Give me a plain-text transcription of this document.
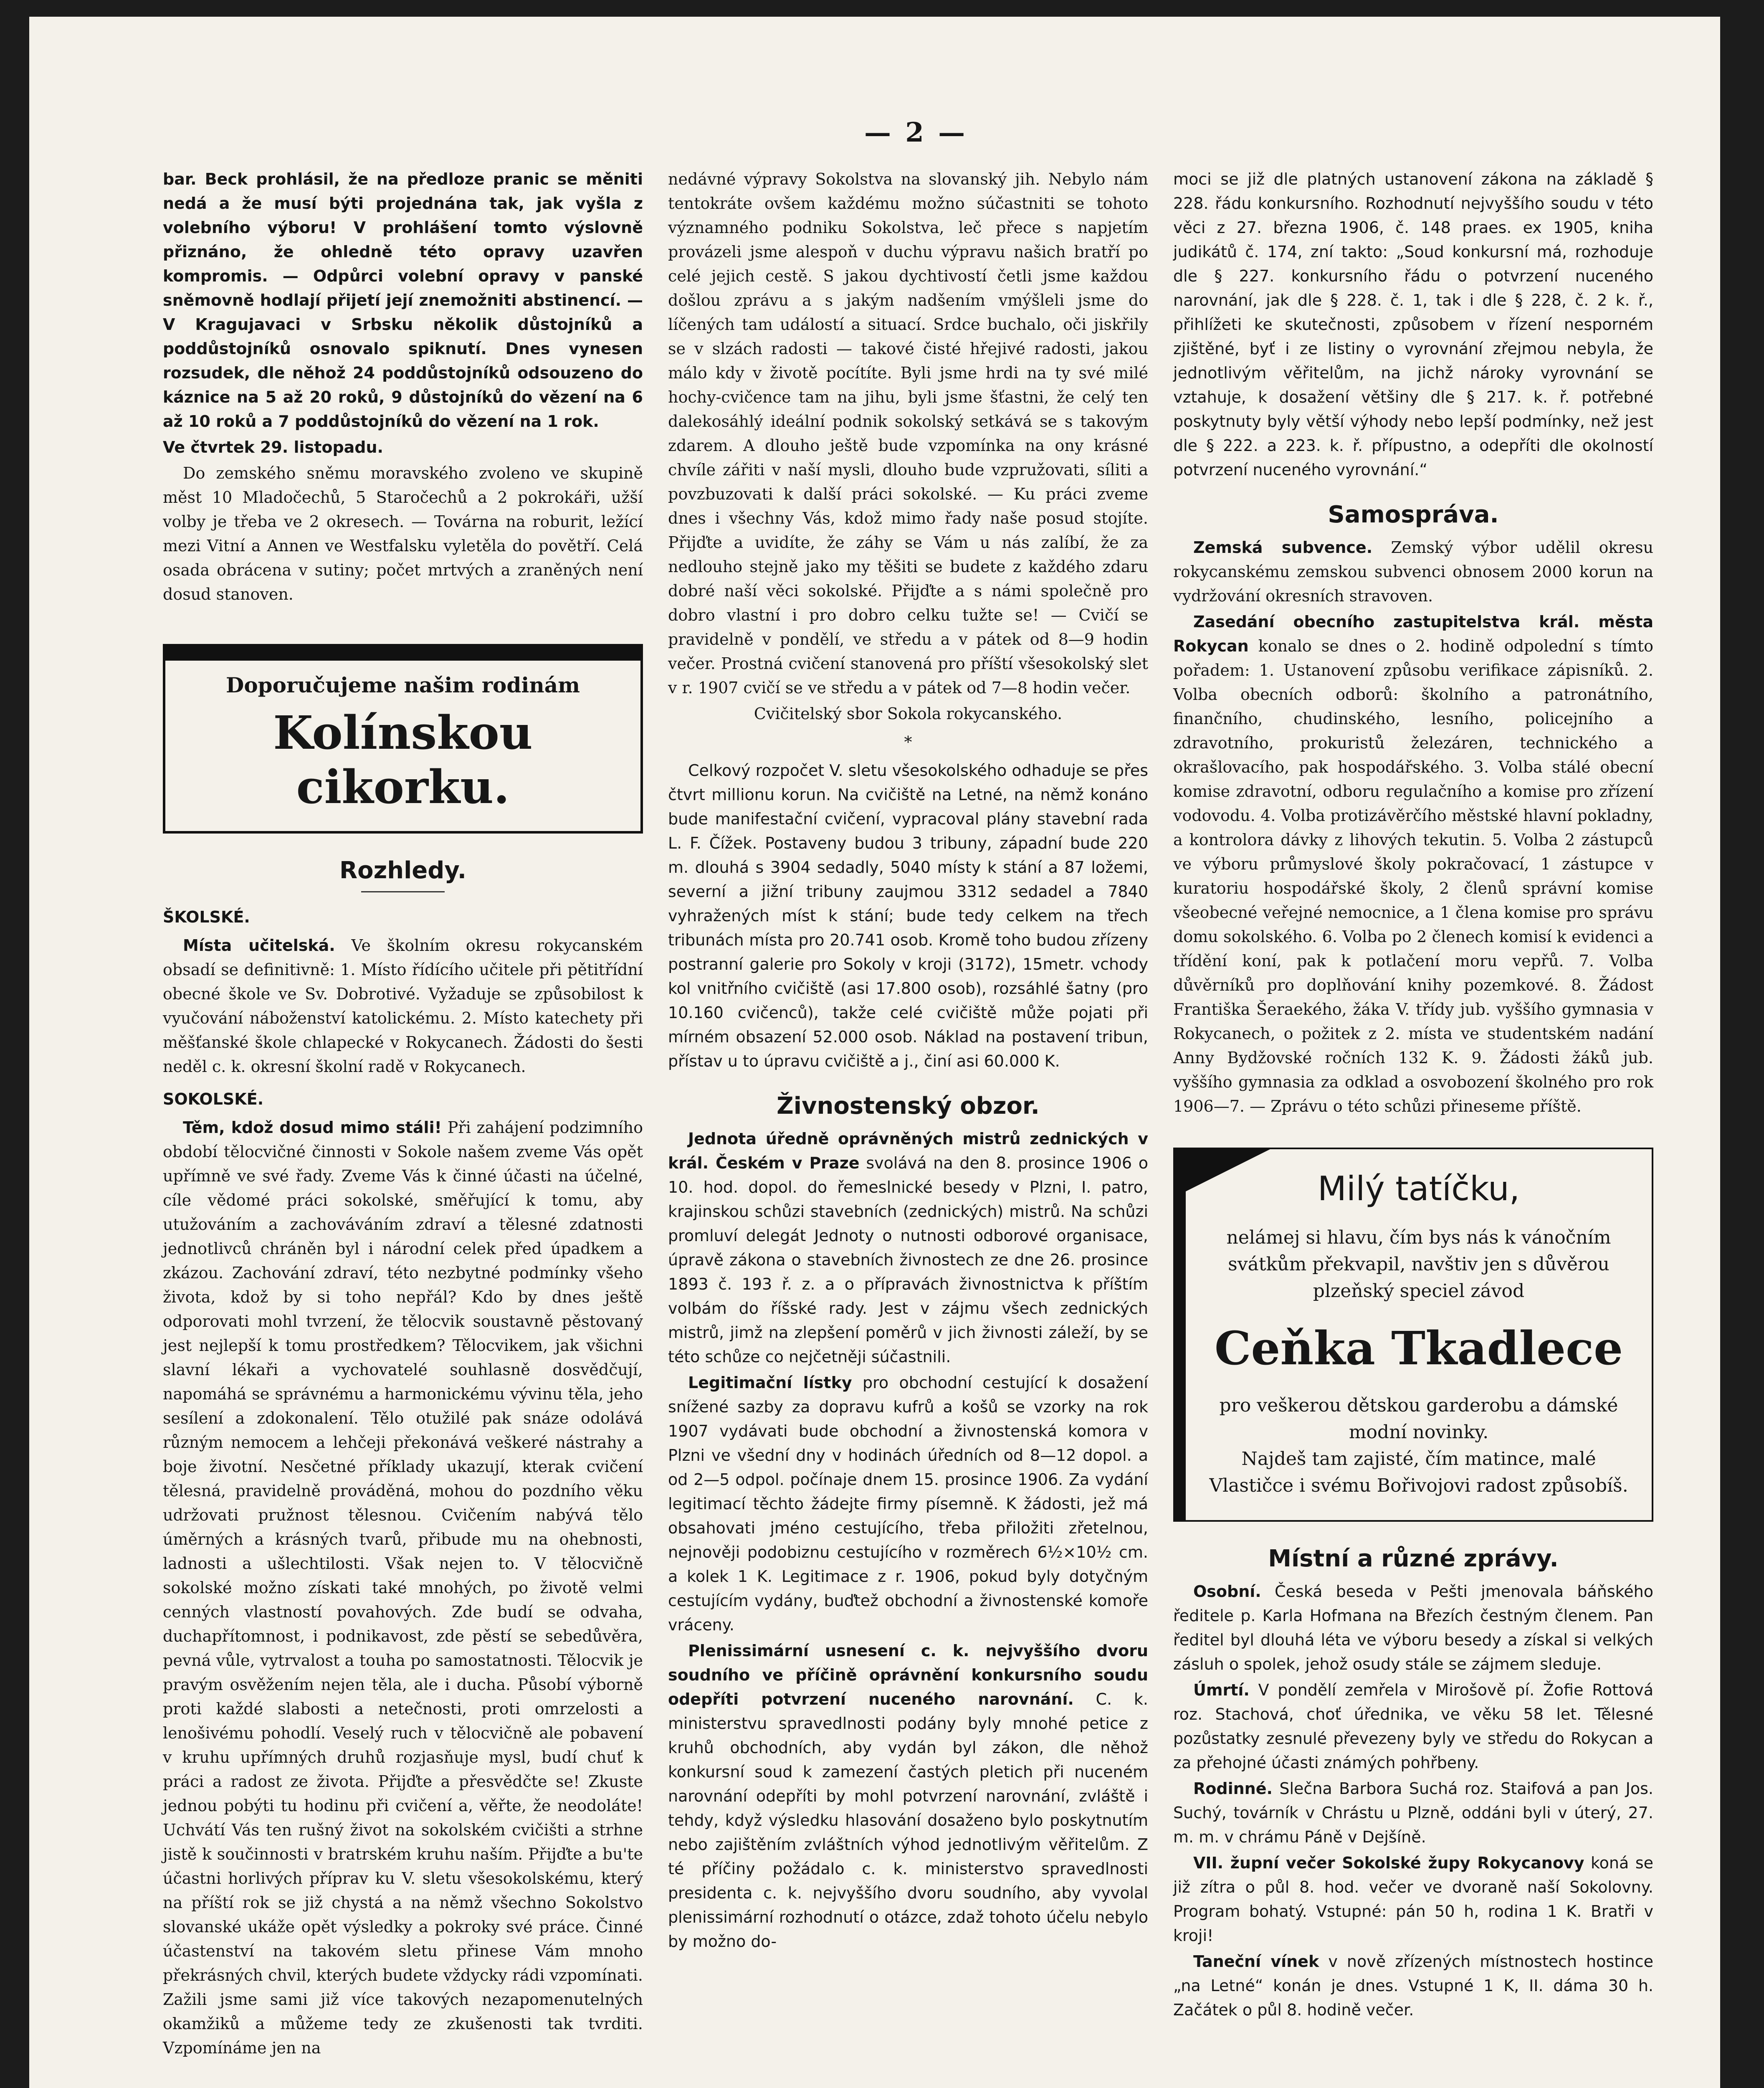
— 2 —

bar. Beck prohlásil, že na předloze pranic se měniti nedá a že musí býti projednána tak, jak vyšla z volebního výboru! V prohlášení tomto výslovně přiznáno, že ohledně této opravy uzavřen kompromis. — Odpůrci volební opravy v panské sněmovně hodlají přijetí její znemožniti abstinencí. — V Kragujavaci v Srbsku několik důstojníků a poddůstojníků osnovalo spiknutí. Dnes vynesen rozsudek, dle něhož 24 poddůstojníků odsouzeno do káznice na 5 až 20 roků, 9 důstojníků do vězení na 6 až 10 roků a 7 poddůstojníků do vězení na 1 rok.

Ve čtvrtek 29. listopadu.

Do zemského sněmu moravského zvoleno ve skupině měst 10 Mladočechů, 5 Staročechů a 2 pokrokáři, užší volby je třeba ve 2 okresech. — Továrna na roburit, ležící mezi Vitní a Annen ve Westfalsku vyletěla do povětří. Celá osada obrácena v sutiny; počet mrtvých a zraněných není dosud stanoven.

Doporučujeme našim rodinám
Kolínskou cikorku.
Rozhledy.
ŠKOLSKÉ.

Místa učitelská. Ve školním okresu rokycanském obsadí se definitivně: 1. Místo řídícího učitele při pětitřídní obecné škole ve Sv. Dobrotivé. Vyžaduje se způsobilost k vyučování náboženství katolickému. 2. Místo katechety při měšťanské škole chlapecké v Rokycanech. Žádosti do šesti neděl c. k. okresní školní radě v Rokycanech.

SOKOLSKÉ.

Těm, kdož dosud mimo stáli! Při zahájení podzimního období tělocvičné činnosti v Sokole našem zveme Vás opět upřímně ve své řady. Zveme Vás k činné účasti na účelné, cíle vědomé práci sokolské, směřující k tomu, aby utužováním a zachováváním zdraví a tělesné zdatnosti jednotlivců chráněn byl i národní celek před úpadkem a zkázou. Zachování zdraví, této nezbytné podmínky všeho života, kdož by si toho nepřál? Kdo by dnes ještě odporovati mohl tvrzení, že tělocvik soustavně pěstovaný jest nejlepší k tomu prostředkem? Tělocvikem, jak všichni slavní lékaři a vychovatelé souhlasně dosvědčují, napomáhá se správnému a harmonickému vývinu těla, jeho sesílení a zdokonalení. Tělo otužilé pak snáze odolává různým nemocem a lehčeji překonává veškeré nástrahy a boje životní. Nesčetné příklady ukazují, kterak cvičení tělesná, pravidelně prováděná, mohou do pozdního věku udržovati pružnost tělesnou. Cvičením nabývá tělo úměrných a krásných tvarů, přibude mu na ohebnosti, ladnosti a ušlechtilosti. Však nejen to. V tělocvičně sokolské možno získati také mnohých, po životě velmi cenných vlastností povahových. Zde budí se odvaha, duchapřítomnost, i podnikavost, zde pěstí se sebedůvěra, pevná vůle, vytrvalost a touha po samostatnosti. Tělocvik je pravým osvěžením nejen těla, ale i ducha. Působí výborně proti každé slabosti a netečnosti, proti omrzelosti a lenošivému pohodlí. Veselý ruch v tělocvičně ale pobavení v kruhu upřímných druhů rozjasňuje mysl, budí chuť k práci a radost ze života. Přijďte a přesvědčte se! Zkuste jednou pobýti tu hodinu při cvičení a, věřte, že neodoláte! Uchvátí Vás ten rušný život na sokolském cvičišti a strhne jistě k součinnosti v bratrském kruhu naším. Přijďte a bu'te účastni horlivých příprav ku V. sletu všesokolskému, který na příští rok se již chystá a na němž všechno Sokolstvo slovanské ukáže opět výsledky a pokroky své práce. Činné účastenství na takovém sletu přinese Vám mnoho překrásných chvil, kterých budete vždycky rádi vzpomínati. Zažili jsme sami již více takových nezapomenutelných okamžiků a můžeme tedy ze zkušenosti tak tvrditi. Vzpomínáme jen na

nedávné výpravy Sokolstva na slovanský jih. Nebylo nám tentokráte ovšem každému možno súčastniti se tohoto významného podniku Sokolstva, leč přece s napjetím provázeli jsme alespoň v duchu výpravu našich bratří po celé jejich cestě. S jakou dychtivostí četli jsme každou došlou zprávu a s jakým nadšením vmýšleli jsme do líčených tam událostí a situací. Srdce buchalo, oči jiskřily se v slzách radosti — takové čisté hřejivé radosti, jakou málo kdy v životě pocítíte. Byli jsme hrdi na ty své milé hochy-cvičence tam na jihu, byli jsme šťastni, že celý ten dalekosáhlý ideální podnik sokolský setkává se s takovým zdarem. A dlouho ještě bude vzpomínka na ony krásné chvíle zářiti v naší mysli, dlouho bude vzpružovati, síliti a povzbuzovati k další práci sokolské. — Ku práci zveme dnes i všechny Vás, kdož mimo řady naše posud stojíte. Přijďte a uvidíte, že záhy se Vám u nás zalíbí, že za nedlouho stejně jako my těšiti se budete z každého zdaru dobré naší věci sokolské. Přijďte a s námi společně pro dobro vlastní i pro dobro celku tužte se! — Cvičí se pravidelně v pondělí, ve středu a v pátek od 8—9 hodin večer. Prostná cvičení stanovená pro příští všesokolský slet v r. 1907 cvičí se ve středu a v pátek od 7—8 hodin večer.

Cvičitelský sbor Sokola rokycanského.
*

Celkový rozpočet V. sletu všesokolského odhaduje se přes čtvrt millionu korun. Na cvičiště na Letné, na němž konáno bude manifestační cvičení, vypracoval plány stavební rada L. F. Čížek. Postaveny budou 3 tribuny, západní bude 220 m. dlouhá s 3904 sedadly, 5040 místy k stání a 87 ložemi, severní a jižní tribuny zaujmou 3312 sedadel a 7840 vyhražených míst k stání; bude tedy celkem na třech tribunách místa pro 20.741 osob. Kromě toho budou zřízeny postranní galerie pro Sokoly v kroji (3172), 15metr. vchody kol vnitřního cvičiště (asi 17.800 osob), rozsáhlé šatny (pro 10.160 cvičenců), takže celé cvičiště může pojati při mírném obsazení 52.000 osob. Náklad na postavení tribun, přístav u to úpravu cvičiště a j., činí asi 60.000 K.

Živnostenský obzor.

Jednota úředně oprávněných mistrů zednických v král. Českém v Praze svolává na den 8. prosince 1906 o 10. hod. dopol. do řemeslnické besedy v Plzni, I. patro, krajinskou schůzi stavebních (zednických) mistrů. Na schůzi promluví delegát Jednoty o nutnosti odborové organisace, úpravě zákona o stavebních živnostech ze dne 26. prosince 1893 č. 193 ř. z. a o přípravách živnostnictva k příštím volbám do říšské rady. Jest v zájmu všech zednických mistrů, jimž na zlepšení poměrů v jich živnosti záleží, by se této schůze co nejčetněji súčastnili.

Legitimační lístky pro obchodní cestující k dosažení snížené sazby za dopravu kufrů a košů se vzorky na rok 1907 vydávati bude obchodní a živnostenská komora v Plzni ve všední dny v hodinách úředních od 8—12 dopol. a od 2—5 odpol. počínaje dnem 15. prosince 1906. Za vydání legitimací těchto žádejte firmy písemně. K žádosti, jež má obsahovati jméno cestujícího, třeba přiložiti zřetelnou, nejnověji podobiznu cestujícího v rozměrech 6½×10½ cm. a kolek 1 K. Legitimace z r. 1906, pokud byly dotyčným cestujícím vydány, buďtež obchodní a živnostenské komoře vráceny.

Plenissimární usnesení c. k. nejvyššího dvoru soudního ve příčině oprávnění konkursního soudu odepříti potvrzení nuceného narovnání. C. k. ministerstvu spravedlnosti podány byly mnohé petice z kruhů obchodních, aby vydán byl zákon, dle něhož konkursní soud k zamezení častých pletich při nuceném narovnání odepříti by mohl potvrzení narovnání, zvláště i tehdy, když výsledku hlasování dosaženo bylo poskytnutím nebo zajištěním zvláštních výhod jednotlivým věřitelům. Z té příčiny požádalo c. k. ministerstvo spravedlnosti presidenta c. k. nejvyššího dvoru soudního, aby vyvolal plenissimární rozhodnutí o otázce, zdaž tohoto účelu nebylo by možno do-

moci se již dle platných ustanovení zákona na základě § 228. řádu konkursního. Rozhodnutí nejvyššího soudu v této věci z 27. března 1906, č. 148 praes. ex 1905, kniha judikátů č. 174, zní takto: „Soud konkursní má, rozhoduje dle § 227. konkursního řádu o potvrzení nuceného narovnání, jak dle § 228. č. 1, tak i dle § 228, č. 2 k. ř., přihlížeti ke skutečnosti, způsobem v řízení nesporném zjištěné, byť i ze listiny o vyrovnání zřejmou nebyla, že jednotlivým věřitelům, na jichž nároky vyrovnání se vztahuje, k dosažení většiny dle § 217. k. ř. potřebné poskytnuty byly větší výhody nebo lepší podmínky, než jest dle § 222. a 223. k. ř. přípustno, a odepříti dle okolností potvrzení nuceného vyrovnání.“

Samospráva.

Zemská subvence. Zemský výbor udělil okresu rokycanskému zemskou subvenci obnosem 2000 korun na vydržování okresních stravoven.

Zasedání obecního zastupitelstva král. města Rokycan konalo se dnes o 2. hodině odpolední s tímto pořadem: 1. Ustanovení způsobu verifikace zápisníků. 2. Volba obecních odborů: školního a patronátního, finančního, chudinského, lesního, policejního a zdravotního, prokuristů železáren, technického a okrašlovacího, pak hospodářského. 3. Volba stálé obecní komise zdravotní, odboru regulačního a komise pro zřízení vodovodu. 4. Volba protizávěrčího městské hlavní pokladny, a kontrolora dávky z lihových tekutin. 5. Volba 2 zástupců ve výboru průmyslové školy pokračovací, 1 zástupce v kuratoriu hospodářské školy, 2 členů správní komise všeobecné veřejné nemocnice, a 1 člena komise pro správu domu sokolského. 6. Volba po 2 členech komisí k evidenci a třídění koní, pak k potlačení moru vepřů. 7. Volba důvěrníků pro doplňování knihy pozemkové. 8. Žádost Františka Šeraekého, žáka V. třídy jub. vyššího gymnasia v Rokycanech, o požitek z 2. místa ve studentském nadání Anny Bydžovské ročních 132 K. 9. Žádosti žáků jub. vyššího gymnasia za odklad a osvobození školného pro rok 1906—7. — Zprávu o této schůzi přineseme příště.

Milý tatíčku,
nelámej si hlavu, čím bys nás k vánočním svátkům překvapil, navštiv jen s důvěrou plzeňský speciel závod
Ceňka Tkadlece
pro veškerou dětskou garderobu a dámské modní novinky.
Najdeš tam zajisté, čím matince, malé Vlastičce i svému Bořivojovi radost způsobíš.
Místní a různé zprávy.

Osobní. Česká beseda v Pešti jmenovala báňského ředitele p. Karla Hofmana na Březích čestným členem. Pan ředitel byl dlouhá léta ve výboru besedy a získal si velkých zásluh o spolek, jehož osudy stále se zájmem sleduje.

Úmrtí. V pondělí zemřela v Mirošově pí. Žofie Rottová roz. Stachová, choť úřednika, ve věku 58 let. Tělesné pozůstatky zesnulé převezeny byly ve středu do Rokycan a za přehojné účasti známých pohřbeny.

Rodinné. Slečna Barbora Suchá roz. Staifová a pan Jos. Suchý, továrník v Chrástu u Plzně, oddáni byli v úterý, 27. m. m. v chrámu Páně v Dejšíně.

VII. župní večer Sokolské župy Rokycanovy koná se již zítra o půl 8. hod. večer ve dvoraně naší Sokolovny. Program bohatý. Vstupné: pán 50 h, rodina 1 K. Bratři v kroji!

Taneční vínek v nově zřízených místnostech hostince „na Letné“ konán je dnes. Vstupné 1 K, II. dáma 30 h. Začátek o půl 8. hodině večer.
